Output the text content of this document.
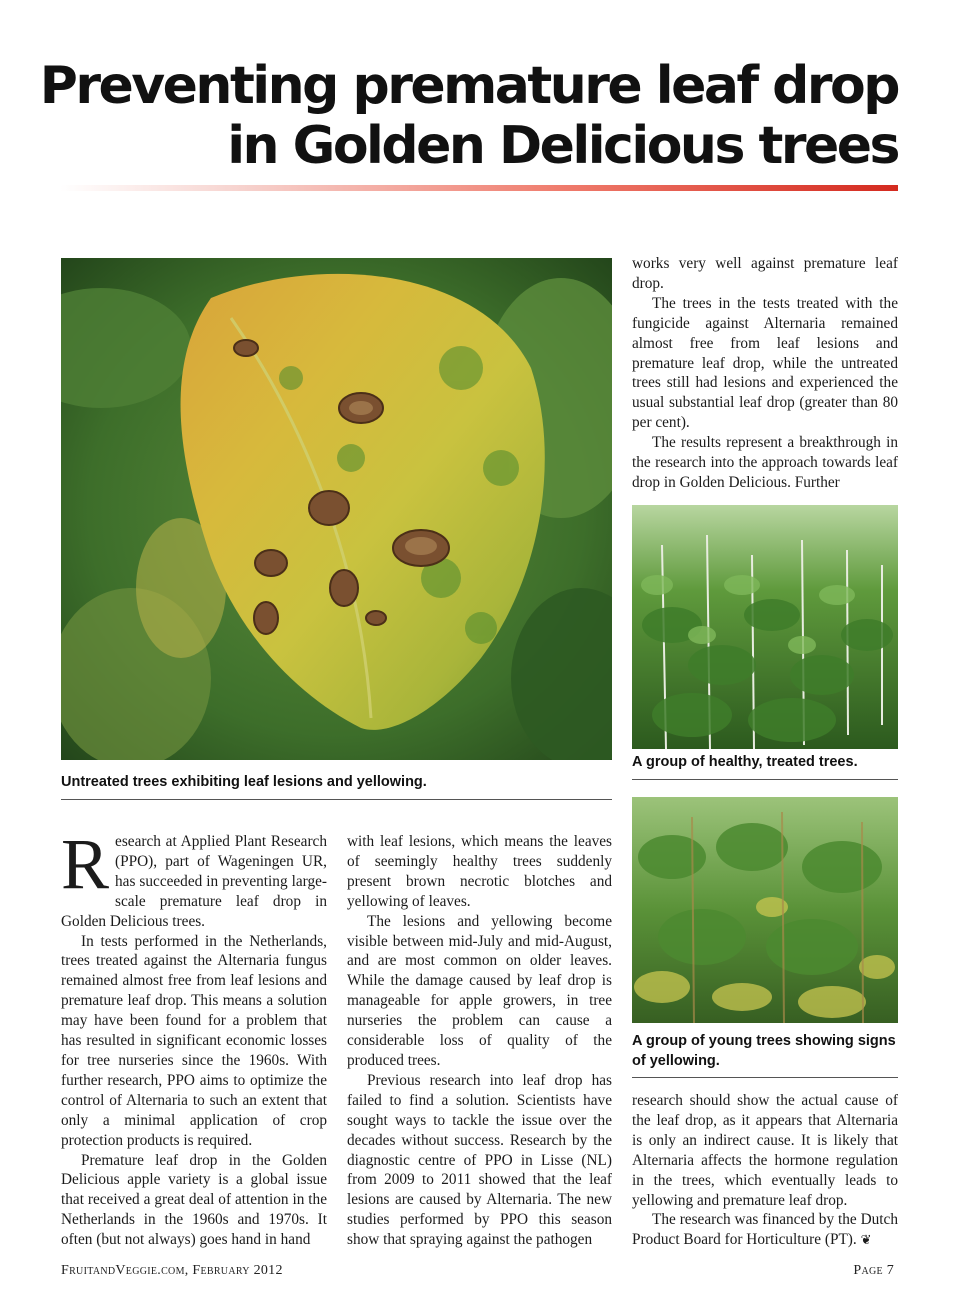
Preventing premature leaf drop
in Golden Delicious trees

Untreated trees exhibiting leaf lesions and yellowing.

A group of healthy, treated trees.

A group of young trees showing signs of yellowing.

Research at Applied Plant Research (PPO), part of Wageningen UR, has succeeded in preventing large-scale premature leaf drop in Golden Delicious trees.

In tests performed in the Netherlands, trees treated against the Alternaria fungus remained almost free from leaf lesions and premature leaf drop. This means a solution may have been found for a problem that has resulted in significant economic losses for tree nurseries since the 1960s. With further research, PPO aims to optimize the control of Alternaria to such an extent that only a minimal application of crop protection products is required.

Premature leaf drop in the Golden Delicious apple variety is a global issue that received a great deal of attention in the Netherlands in the 1960s and 1970s. It often (but not always) goes hand in hand

with leaf lesions, which means the leaves of seemingly healthy trees suddenly present brown necrotic blotches and yellowing of leaves.

The lesions and yellowing become visible between mid-July and mid-August, and are most common on older leaves. While the damage caused by leaf drop is manageable for apple growers, in tree nurseries the problem can cause a considerable loss of quality of the produced trees.

Previous research into leaf drop has failed to find a solution. Scientists have sought ways to tackle the issue over the decades without success. Research by the diagnostic centre of PPO in Lisse (NL) from 2009 to 2011 showed that the leaf lesions are caused by Alternaria. The new studies performed by PPO this season show that spraying against the pathogen

works very well against premature leaf drop.

The trees in the tests treated with the fungicide against Alternaria remained almost free from leaf lesions and premature leaf drop, while the untreated trees still had lesions and experienced the usual substantial leaf drop (greater than 80 per cent).

The results represent a breakthrough in the research into the approach towards leaf drop in Golden Delicious. Further

research should show the actual cause of the leaf drop, as it appears that Alternaria is only an indirect cause. It is likely that Alternaria affects the hormone regulation in the trees, which eventually leads to yellowing and premature leaf drop.

The research was financed by the Dutch Product Board for Horticulture (PT). ❦

FruitandVeggie.com, February 2012	Page 7
